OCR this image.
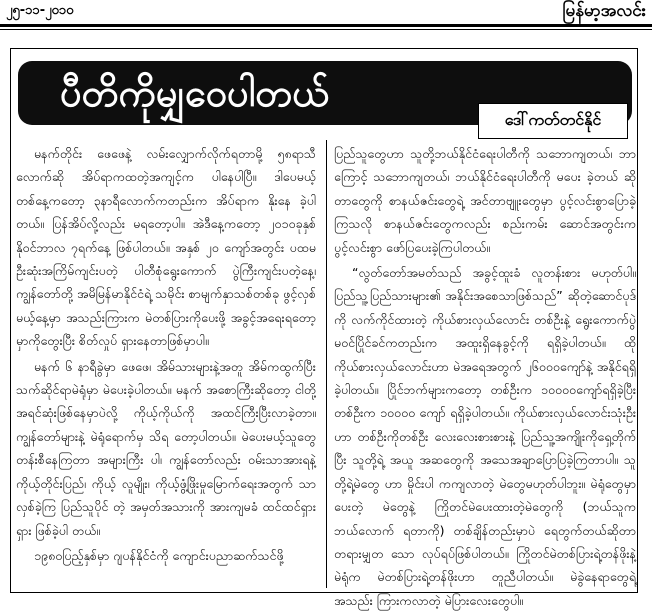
၂၅-၁၁-၂၀၁၀	မြန်မာ့အလင်း
ပီတိကိုမျှဝေပါတယ်
ဒေါ်ကတ်တင်နိုင်

မနက်တိုင်း ဖေဖေနဲ့ လမ်းလျှောက်လိုက်ရတာမို့ ၅၈ရာသီ လောက်ဆို အိပ်ရာကထတဲ့အကျင့်က ပါနေပါပြီ။ ဒါပေမယ့် တစ်နေ့ကတော့ ၃နာရီလောက်ကတည်းက အိပ်ရာက နိုးနေ ခဲ့ပါတယ်။ ပြန်အိပ်လို့လည်း မရတော့ပါ။ အဲဒီနေ့ကတော့ ၂၀၁၀ခုနှစ် နိုဝင်ဘာလ ၇ရက်နေ့ ဖြစ်ပါတယ်။ အနှစ် ၂၀ ကျော်အတွင်း ပထမဦးဆုံးအကြိမ်ကျင်းပတဲ့ ပါတီစုံရွေးကောက် ပွဲကြီးကျင်းပတဲ့နေ့၊ ကျွန်တော်တို့ အမိမြန်မာနိုင်ငံရဲ့ သမိုင်း စာမျက်နှာသစ်တစ်ခု ဖွင့်လှစ်မယ့်နေ့မှာ အသည်းကြားက မဲတစ်ပြားကိုပေးဖို့ အခွင့်အရေးရတော့မှာကိုတွေးပြီး စိတ်လှုပ် ရှားနေတာဖြစ်မှာပါ။

မနက် ၆ နာရီခွဲမှာ ဖေဖေ၊ အိမ်သားများနဲ့အတူ အိမ်ကထွက်ပြီး သက်ဆိုင်ရာမဲရုံမှာ မဲပေးခဲ့ပါတယ်။ မနက် အစောကြီးဆိုတော့ ငါတို့ အရင်ဆုံးဖြစ်နေမှာပဲလို့ ကိုယ့်ကိုယ်ကို အထင်ကြီးပြီးလာခဲ့တာ။ ကျွန်တော်များနဲ့ မဲရုံရောက်မှ သိရ တော့ပါတယ်။ မဲပေးမယ့်သူတွေ တန်းစီနေကြတာ အများကြီး ပါ၊ ကျွန်တော်လည်း ဝမ်းသာအားရနဲ့ ကိုယ့်တိုင်းပြည်၊ ကိုယ့် လူမျိုး၊ ကိုယ့်ဖွံ့ဖြိုးမှုမြောက်ရေးအတွက် သာလှစ်ခဲ့ကြ ပြည်သူပိုင် တဲ့ အမှတ်အသားကို အားကျမခံ ထင်ထင်ရှားရှား ဖြစ်ခဲ့ပါ တယ်။

၁၉၈၀ပြည့်နှစ်မှာ ဂျပန်နိုင်ငံကို ကျောင်းပညာဆက်သင်ဖို့

ပြည်သူတွေဟာ သူတို့ဘယ်နိုင်ငံရေးပါတီကို သဘောကျတယ်၊ ဘာကြောင့် သဘောကျတယ်၊ ဘယ်နိုင်ငံရေးပါတီကို မပေး ခဲ့တယ် ဆိုတာတွေကို စာနယ်ဇင်းတွေရဲ့ အင်တာဗျူးတွေမှာ ပွင့်လင်းစွာပြောခဲ့ကြသလို စာနယ်ဇင်းတွေကလည်း စည်းကမ်း ဆောင်အတွင်းက ပွင့်လင်းစွာ ဖော်ပြပေးခဲ့ကြပါတယ်။

“လွတ်တော်အမတ်သည် အခွင့်ထူးခံ လူတန်းစား မဟုတ်ပါ။ ပြည်သူ့ပြည်သားများ၏ အနိုင်းအစေသာဖြစ်သည်” ဆိုတဲ့ဆောင်ပုဒ်ကို လက်ကိုင်ထားတဲ့ ကိုယ်စားလှယ်လောင်း တစ်ဦးနဲ့ ရွေးကောက်ပွဲမဝင်ပြိုင်ခင်ကတည်းက အထူးရှိနေခွင့်ကို ရရှိခဲ့ပါတယ်။ ထိုကိုယ်စားလှယ်လောင်းဟာ မဲအရေအတွက် ၂၆၀၀၀ကျော်နဲ့ အနိုင်ရရှိခဲ့ပါတယ်။ ပြိုင်ဘက်များကတော့ တစ်ဦးက ၁၀၀၀၀ကျော်ရရှိခဲ့ပြီး တစ်ဦးက ၁၀၀၀၀ ကျော် ရရှိခဲ့ပါတယ်။ ကိုယ်စားလှယ်လောင်းသုံးဦးဟာ တစ်ဦးကိုတစ်ဦး လေးလေးစားစားနဲ့ ပြည်သူ့အကျိုးကိုရှေ့တိုက်ပြီး သူတို့ရဲ့ အယူ အဆတွေကို အသေအချာပြောပြခဲ့ကြတာပါ။ သူတို့ရဲ့မဲတွေ ဟာ မှိုင်းပါ ကကျလာတဲ့ မဲတွေမဟုတ်ပါဘူး။ မဲရုံတွေမှာပေးတဲ့ မဲတွေနဲ့ ကြိုတင်မဲပေးထားတဲ့မဲတွေကို (ဘယ်သူက ဘယ်လောက် ရတာကို) တစ်ချိန်တည်းမှာပဲ ရေတွက်တယ်ဆိုတာ တရားမျှတ သော လုပ်ရပ်ဖြစ်ပါတယ်။ ကြိုတင်မဲတစ်ပြားရဲ့တန်ဖိုးနဲ့ မဲရုံက မဲတစ်ပြားရဲ့တန်ဖိုးဟာ တူညီပါတယ်။ မဲခွဲနေရာတွေရဲ့ အသည်း ကြားကလာတဲ့ မဲပြားလေးတွေပါ။
